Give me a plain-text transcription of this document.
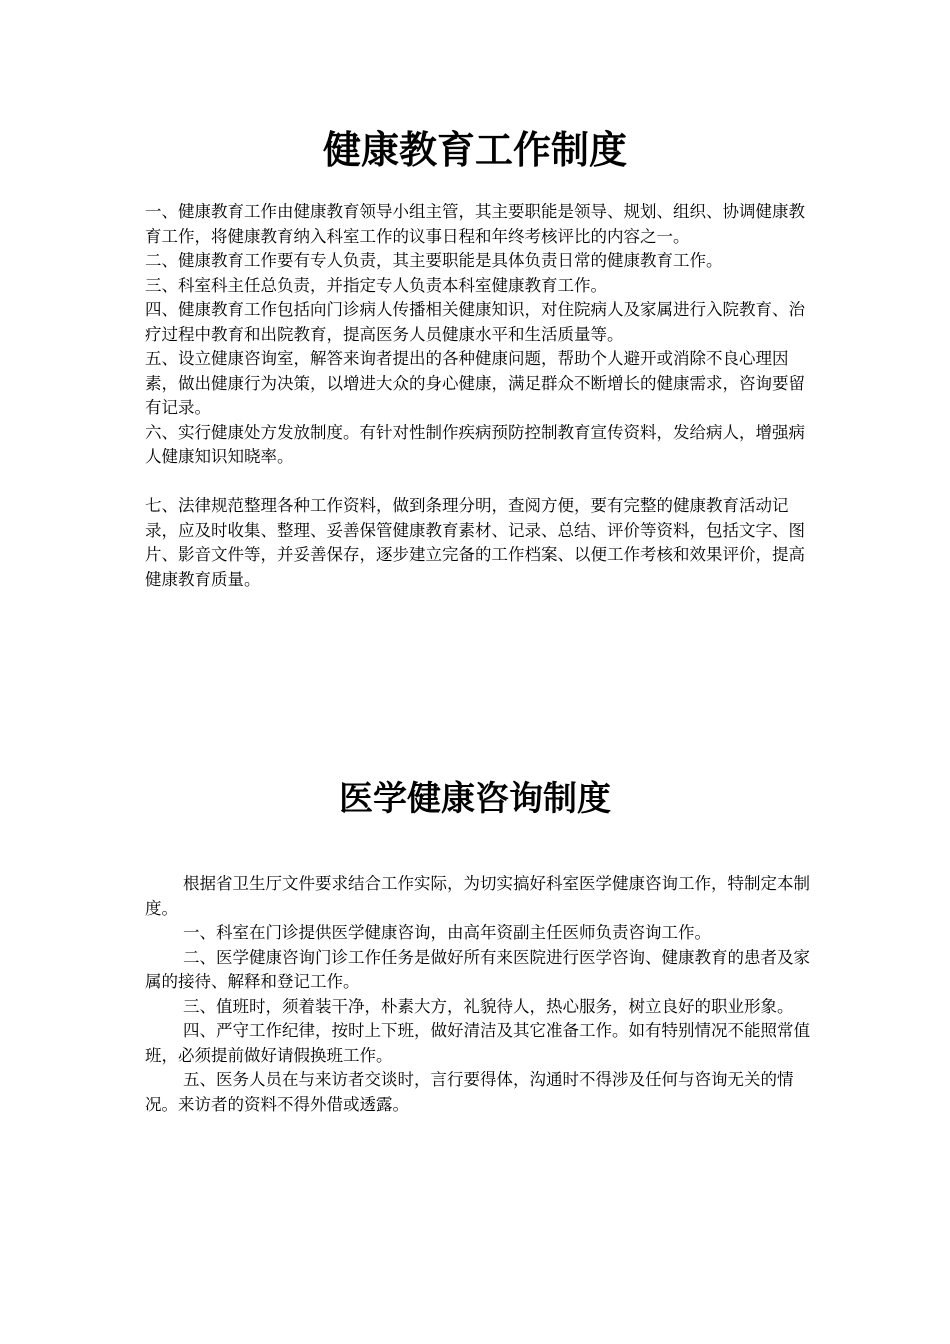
健康教育工作制度

一、健康教育工作由健康教育领导小组主管，其主要职能是领导、规划、组织、协调健康教育工作，将健康教育纳入科室工作的议事日程和年终考核评比的内容之一。

二、健康教育工作要有专人负责，其主要职能是具体负责日常的健康教育工作。

三、科室科主任总负责，并指定专人负责本科室健康教育工作。

四、健康教育工作包括向门诊病人传播相关健康知识，对住院病人及家属进行入院教育、治疗过程中教育和出院教育，提高医务人员健康水平和生活质量等。

五、设立健康咨询室，解答来询者提出的各种健康问题，帮助个人避开或消除不良心理因素，做出健康行为决策，以增进大众的身心健康，满足群众不断增长的健康需求，咨询要留有记录。

六、实行健康处方发放制度。有针对性制作疾病预防控制教育宣传资料，发给病人，增强病人健康知识知晓率。

七、法律规范整理各种工作资料，做到条理分明，查阅方便，要有完整的健康教育活动记录，应及时收集、整理、妥善保管健康教育素材、记录、总结、评价等资料，包括文字、图片、影音文件等，并妥善保存，逐步建立完备的工作档案、以便工作考核和效果评价，提高健康教育质量。

医学健康咨询制度

根据省卫生厅文件要求结合工作实际，为切实搞好科室医学健康咨询工作，特制定本制度。

一、科室在门诊提供医学健康咨询，由高年资副主任医师负责咨询工作。

二、医学健康咨询门诊工作任务是做好所有来医院进行医学咨询、健康教育的患者及家属的接待、解释和登记工作。

三、值班时，须着装干净，朴素大方，礼貌待人，热心服务，树立良好的职业形象。

四、严守工作纪律，按时上下班，做好清洁及其它准备工作。如有特别情况不能照常值班，必须提前做好请假换班工作。

五、医务人员在与来访者交谈时，言行要得体，沟通时不得涉及任何与咨询无关的情况。来访者的资料不得外借或透露。
